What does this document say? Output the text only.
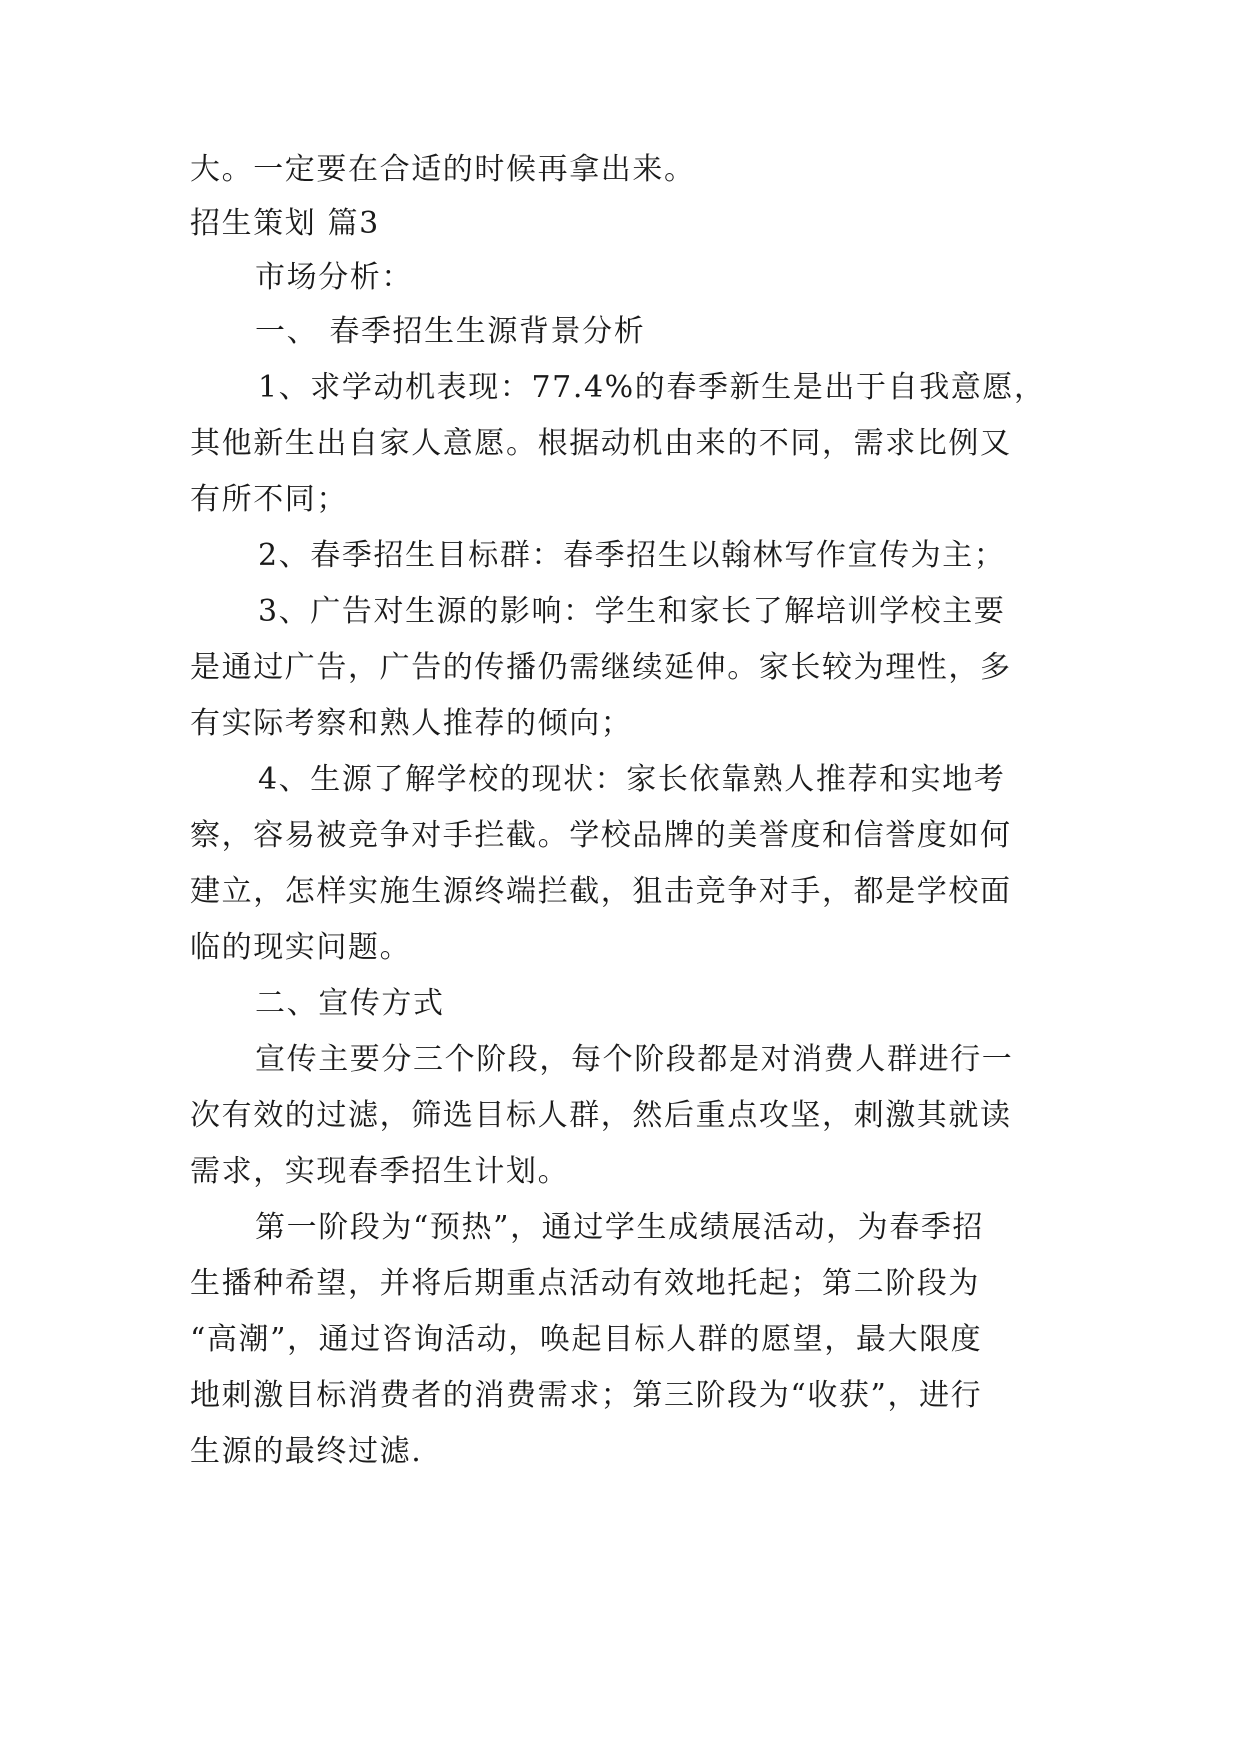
大。一定要在合适的时候再拿出来。
招生策划 篇3
市场分析：
一、 春季招生生源背景分析
1、求学动机表现：77.4%的春季新生是出于自我意愿，
其他新生出自家人意愿。根据动机由来的不同，需求比例又
有所不同；
2、春季招生目标群：春季招生以翰林写作宣传为主；
3、广告对生源的影响：学生和家长了解培训学校主要
是通过广告，广告的传播仍需继续延伸。家长较为理性，多
有实际考察和熟人推荐的倾向；
4、生源了解学校的现状：家长依靠熟人推荐和实地考
察，容易被竞争对手拦截。学校品牌的美誉度和信誉度如何
建立，怎样实施生源终端拦截，狙击竞争对手，都是学校面
临的现实问题。
二、宣传方式
宣传主要分三个阶段，每个阶段都是对消费人群进行一
次有效的过滤，筛选目标人群，然后重点攻坚，刺激其就读
需求，实现春季招生计划。
第一阶段为“预热”，通过学生成绩展活动，为春季招
生播种希望，并将后期重点活动有效地托起；第二阶段为
“高潮”，通过咨询活动，唤起目标人群的愿望，最大限度
地刺激目标消费者的消费需求；第三阶段为“收获”，进行
生源的最终过滤.
